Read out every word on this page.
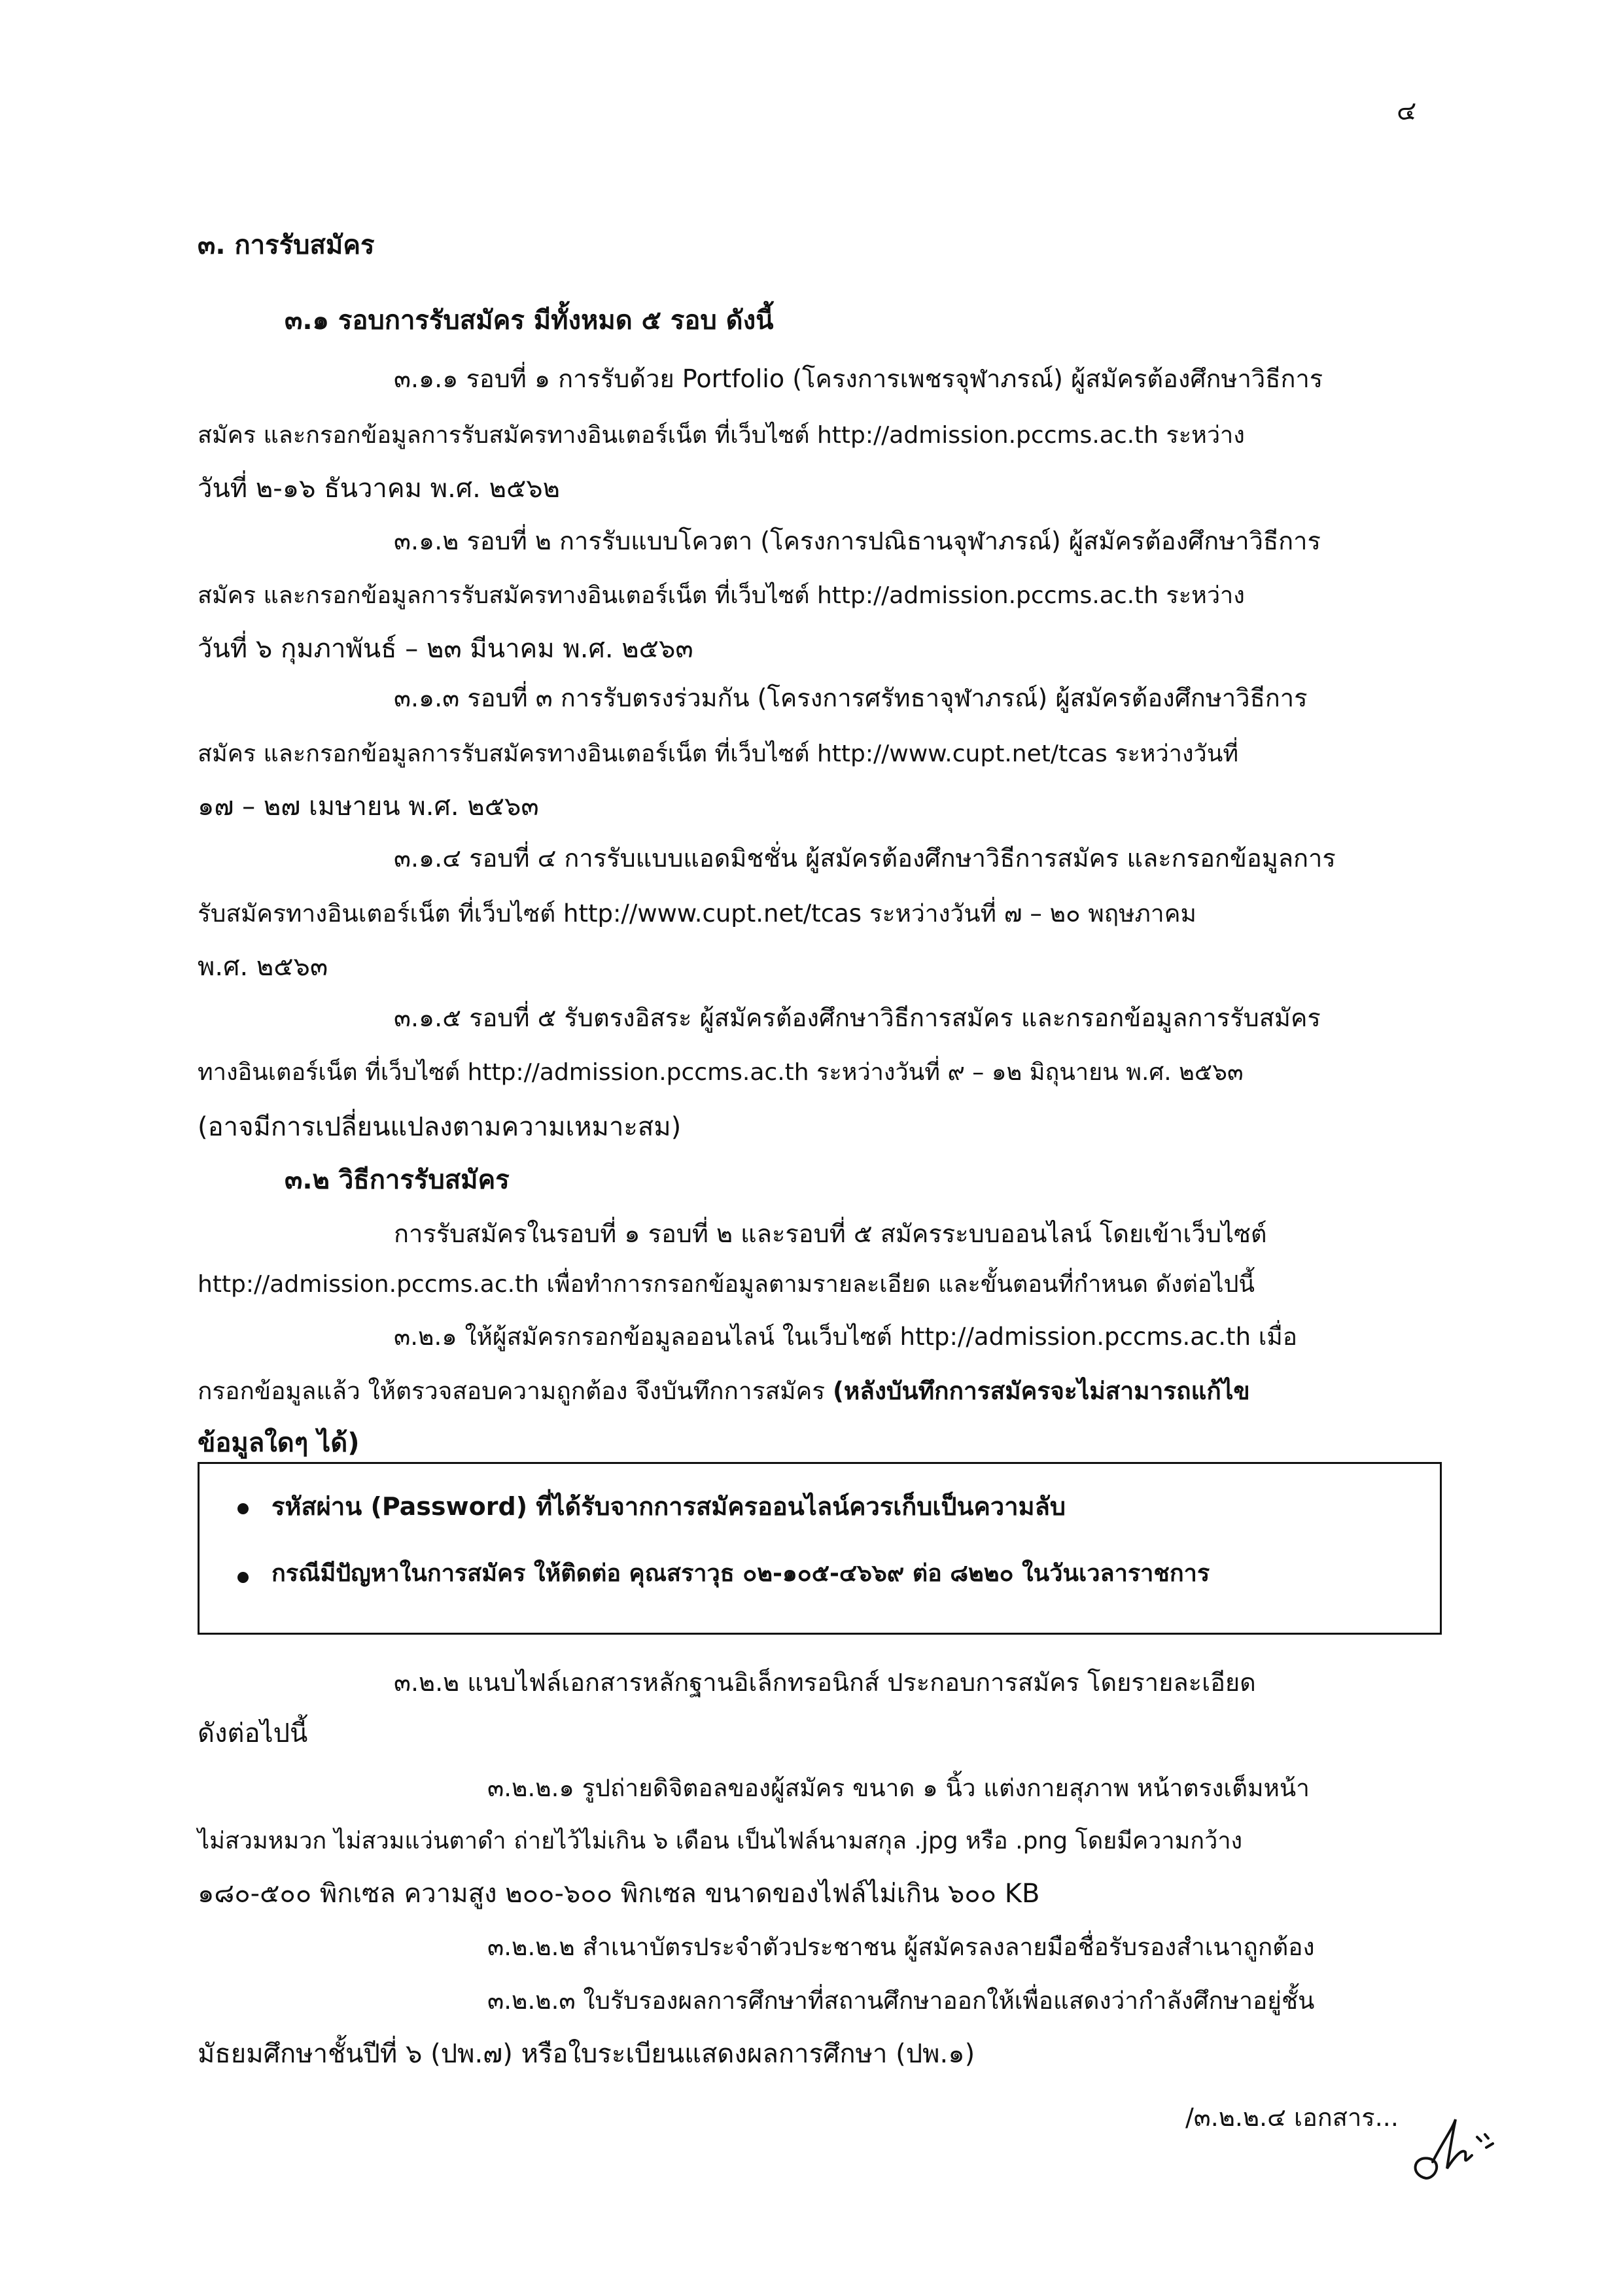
๔
๓. การรับสมัคร
๓.๑ รอบการรับสมัคร มีทั้งหมด ๕ รอบ ดังนี้
๓.๑.๑ รอบที่ ๑ การรับด้วย Portfolio (โครงการเพชรจุฬาภรณ์) ผู้สมัครต้องศึกษาวิธีการ
สมัคร และกรอกข้อมูลการรับสมัครทางอินเตอร์เน็ต ที่เว็บไซต์ http://admission.pccms.ac.th ระหว่าง
วันที่ ๒-๑๖ ธันวาคม พ.ศ. ๒๕๖๒
๓.๑.๒ รอบที่ ๒ การรับแบบโควตา (โครงการปณิธานจุฬาภรณ์) ผู้สมัครต้องศึกษาวิธีการ
สมัคร และกรอกข้อมูลการรับสมัครทางอินเตอร์เน็ต ที่เว็บไซต์ http://admission.pccms.ac.th ระหว่าง
วันที่ ๖ กุมภาพันธ์ – ๒๓ มีนาคม พ.ศ. ๒๕๖๓
๓.๑.๓ รอบที่ ๓ การรับตรงร่วมกัน (โครงการศรัทธาจุฬาภรณ์) ผู้สมัครต้องศึกษาวิธีการ
สมัคร และกรอกข้อมูลการรับสมัครทางอินเตอร์เน็ต ที่เว็บไซต์ http://www.cupt.net/tcas ระหว่างวันที่
๑๗ – ๒๗ เมษายน พ.ศ. ๒๕๖๓
๓.๑.๔ รอบที่ ๔ การรับแบบแอดมิชชั่น ผู้สมัครต้องศึกษาวิธีการสมัคร และกรอกข้อมูลการ
รับสมัครทางอินเตอร์เน็ต ที่เว็บไซต์ http://www.cupt.net/tcas ระหว่างวันที่ ๗ – ๒๐ พฤษภาคม
พ.ศ. ๒๕๖๓
๓.๑.๕ รอบที่ ๕ รับตรงอิสระ ผู้สมัครต้องศึกษาวิธีการสมัคร และกรอกข้อมูลการรับสมัคร
ทางอินเตอร์เน็ต ที่เว็บไซต์ http://admission.pccms.ac.th ระหว่างวันที่ ๙ – ๑๒ มิถุนายน พ.ศ. ๒๕๖๓
(อาจมีการเปลี่ยนแปลงตามความเหมาะสม)
๓.๒ วิธีการรับสมัคร
การรับสมัครในรอบที่ ๑ รอบที่ ๒ และรอบที่ ๕ สมัครระบบออนไลน์ โดยเข้าเว็บไซต์
http://admission.pccms.ac.th เพื่อทำการกรอกข้อมูลตามรายละเอียด และขั้นตอนที่กำหนด ดังต่อไปนี้
๓.๒.๑ ให้ผู้สมัครกรอกข้อมูลออนไลน์ ในเว็บไซต์ http://admission.pccms.ac.th เมื่อ
กรอกข้อมูลแล้ว ให้ตรวจสอบความถูกต้อง จึงบันทึกการสมัคร (หลังบันทึกการสมัครจะไม่สามารถแก้ไข
ข้อมูลใดๆ ได้)
รหัสผ่าน (Password) ที่ได้รับจากการสมัครออนไลน์ควรเก็บเป็นความลับ
กรณีมีปัญหาในการสมัคร ให้ติดต่อ คุณสราวุธ ๐๒-๑๐๕-๔๖๖๙ ต่อ ๘๒๒๐ ในวันเวลาราชการ
๓.๒.๒ แนบไฟล์เอกสารหลักฐานอิเล็กทรอนิกส์ ประกอบการสมัคร โดยรายละเอียด
ดังต่อไปนี้
๓.๒.๒.๑ รูปถ่ายดิจิตอลของผู้สมัคร ขนาด ๑ นิ้ว แต่งกายสุภาพ หน้าตรงเต็มหน้า
ไม่สวมหมวก ไม่สวมแว่นตาดำ ถ่ายไว้ไม่เกิน ๖ เดือน เป็นไฟล์นามสกุล .jpg หรือ .png โดยมีความกว้าง
๑๘๐-๕๐๐ พิกเซล ความสูง ๒๐๐-๖๐๐ พิกเซล ขนาดของไฟล์ไม่เกิน ๖๐๐ KB
๓.๒.๒.๒ สำเนาบัตรประจำตัวประชาชน ผู้สมัครลงลายมือชื่อรับรองสำเนาถูกต้อง
๓.๒.๒.๓ ใบรับรองผลการศึกษาที่สถานศึกษาออกให้เพื่อแสดงว่ากำลังศึกษาอยู่ชั้น
มัธยมศึกษาชั้นปีที่ ๖ (ปพ.๗) หรือใบระเบียนแสดงผลการศึกษา (ปพ.๑)
/๓.๒.๒.๔ เอกสาร...
